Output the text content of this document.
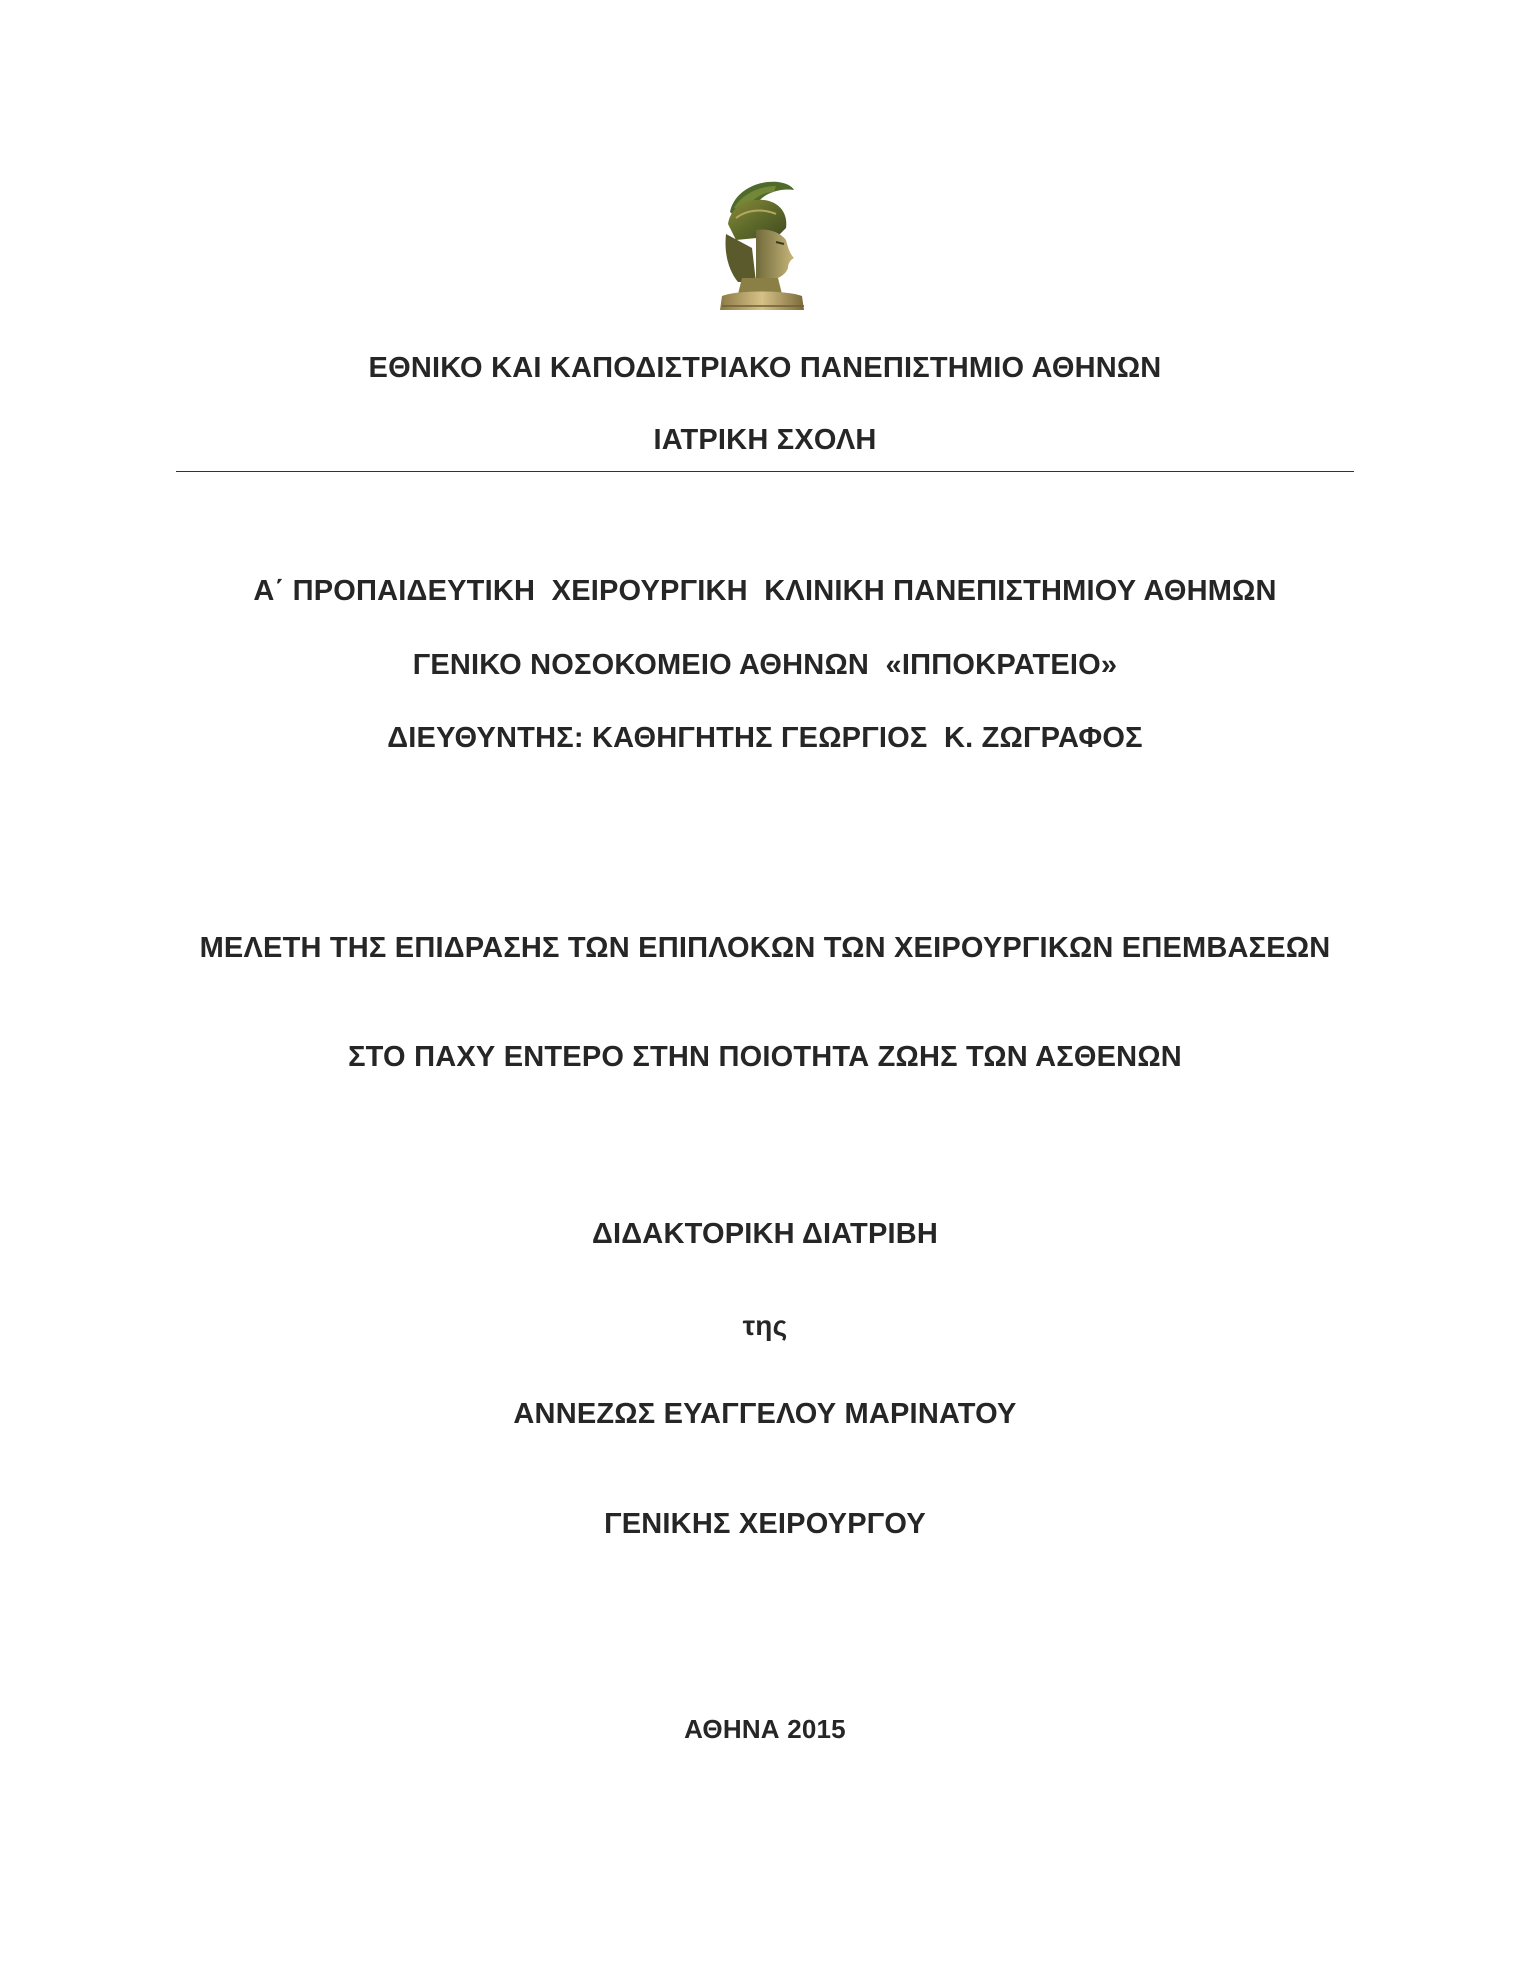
ΕΘΝΙΚΟ ΚΑΙ ΚΑΠΟΔΙΣΤΡΙΑΚΟ ΠΑΝΕΠΙΣΤΗΜΙΟ ΑΘΗΝΩΝ
ΙΑΤΡΙΚΗ ΣΧΟΛΗ
Α΄ ΠΡΟΠΑΙΔΕΥΤΙΚΗ  ΧΕΙΡΟΥΡΓΙΚΗ  ΚΛΙΝΙΚΗ ΠΑΝΕΠΙΣΤΗΜΙΟΥ ΑΘΗΜΩΝ
ΓΕΝΙΚΟ ΝΟΣΟΚΟΜΕΙΟ ΑΘΗΝΩΝ  «ΙΠΠΟΚΡΑΤΕΙΟ»
ΔΙΕΥΘΥΝΤΗΣ: ΚΑΘΗΓΗΤΗΣ ΓΕΩΡΓΙΟΣ  Κ. ΖΩΓΡΑΦΟΣ
ΜΕΛΕΤΗ ΤΗΣ ΕΠΙΔΡΑΣΗΣ ΤΩΝ ΕΠΙΠΛΟΚΩΝ ΤΩΝ ΧΕΙΡΟΥΡΓΙΚΩΝ ΕΠΕΜΒΑΣΕΩΝ
ΣΤΟ ΠΑΧΥ ΕΝΤΕΡΟ ΣΤΗΝ ΠΟΙΟΤΗΤΑ ΖΩΗΣ ΤΩΝ ΑΣΘΕΝΩΝ
ΔΙΔΑΚΤΟΡΙΚΗ ΔΙΑΤΡΙΒΗ
της
ΑΝΝΕΖΩΣ ΕΥΑΓΓΕΛΟΥ ΜΑΡΙΝΑΤΟΥ
ΓΕΝΙΚΗΣ ΧΕΙΡΟΥΡΓΟΥ
ΑΘΗΝΑ 2015
